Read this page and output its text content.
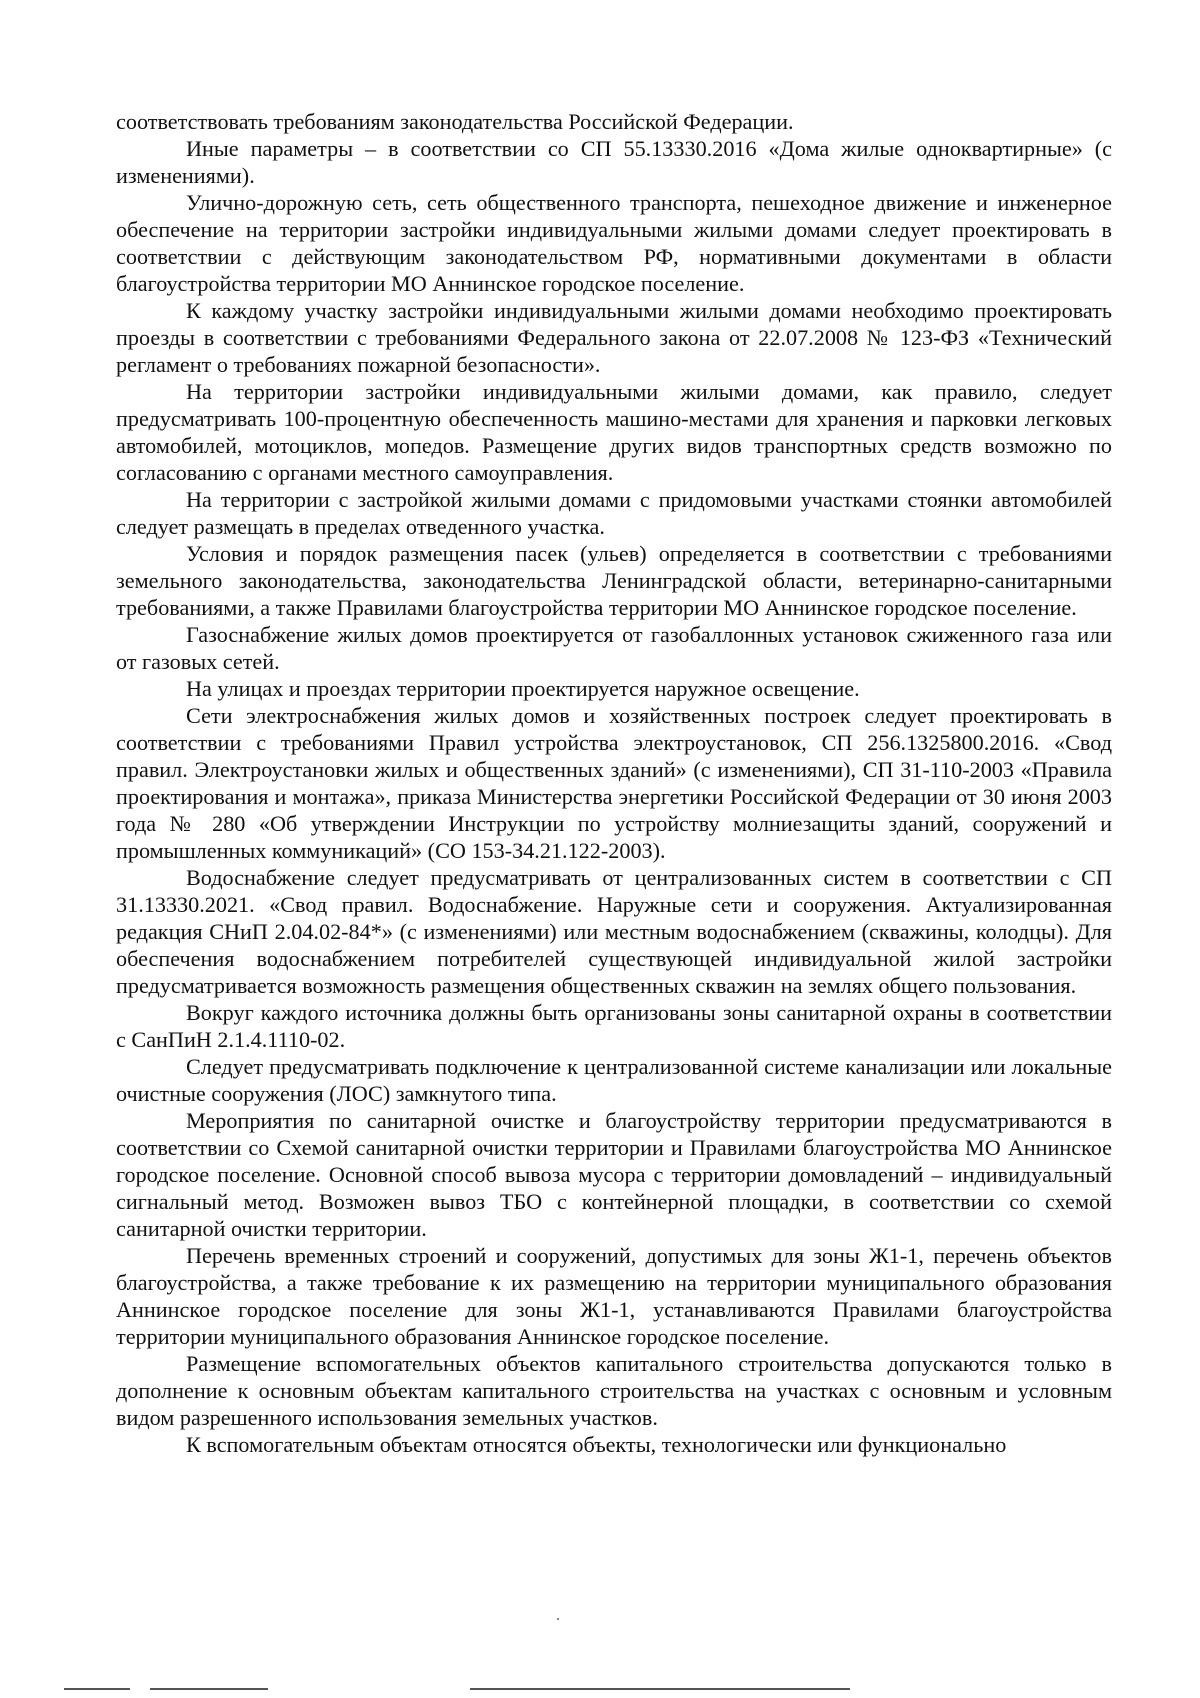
соответствовать требованиям законодательства Российской Федерации.

Иные параметры – в соответствии со СП 55.13330.2016 «Дома жилые одноквартирные» (с изменениями).

Улично-дорожную сеть, сеть общественного транспорта, пешеходное движение и инженерное обеспечение на территории застройки индивидуальными жилыми домами следует проектировать в соответствии с действующим законодательством РФ, нормативными документами в области благоустройства территории МО Аннинское городское поселение.

К каждому участку застройки индивидуальными жилыми домами необходимо проектировать проезды в соответствии с требованиями Федерального закона от 22.07.2008 № 123-ФЗ «Технический регламент о требованиях пожарной безопасности».

На территории застройки индивидуальными жилыми домами, как правило, следует предусматривать 100-процентную обеспеченность машино-местами для хранения и парковки легковых автомобилей, мотоциклов, мопедов. Размещение других видов транспортных средств возможно по согласованию с органами местного самоуправления.

На территории с застройкой жилыми домами с придомовыми участками стоянки автомобилей следует размещать в пределах отведенного участка.

Условия и порядок размещения пасек (ульев) определяется в соответствии с требованиями земельного законодательства, законодательства Ленинградской области, ветеринарно-санитарными требованиями, а также Правилами благоустройства территории МО Аннинское городское поселение.

Газоснабжение жилых домов проектируется от газобаллонных установок сжиженного газа или от газовых сетей.

На улицах и проездах территории проектируется наружное освещение.

Сети электроснабжения жилых домов и хозяйственных построек следует проектировать в соответствии с требованиями Правил устройства электроустановок, СП 256.1325800.2016. «Свод правил. Электроустановки жилых и общественных зданий» (с изменениями), СП 31-110-2003 «Правила проектирования и монтажа», приказа Министерства энергетики Российской Федерации от 30 июня 2003 года № 280 «Об утверждении Инструкции по устройству молниезащиты зданий, сооружений и промышленных коммуникаций» (СО 153-34.21.122-2003).

Водоснабжение следует предусматривать от централизованных систем в соответствии с СП 31.13330.2021. «Свод правил. Водоснабжение. Наружные сети и сооружения. Актуализированная редакция СНиП 2.04.02-84*» (с изменениями) или местным водоснабжением (скважины, колодцы). Для обеспечения водоснабжением потребителей существующей индивидуальной жилой застройки предусматривается возможность размещения общественных скважин на землях общего пользования.

Вокруг каждого источника должны быть организованы зоны санитарной охраны в соответствии с СанПиН 2.1.4.1110-02.

Следует предусматривать подключение к централизованной системе канализации или локальные очистные сооружения (ЛОС) замкнутого типа.

Мероприятия по санитарной очистке и благоустройству территории предусматриваются в соответствии со Схемой санитарной очистки территории и Правилами благоустройства МО Аннинское городское поселение. Основной способ вывоза мусора с территории домовладений – индивидуальный сигнальный метод. Возможен вывоз ТБО с контейнерной площадки, в соответствии со схемой санитарной очистки территории.

Перечень временных строений и сооружений, допустимых для зоны Ж1-1, перечень объектов благоустройства, а также требование к их размещению на территории муниципального образования Аннинское городское поселение для зоны Ж1-1, устанавливаются Правилами благоустройства территории муниципального образования Аннинское городское поселение.

Размещение вспомогательных объектов капитального строительства допускаются только в дополнение к основным объектам капитального строительства на участках с основным и условным видом разрешенного использования земельных участков.

К вспомогательным объектам относятся объекты, технологически или функционально
